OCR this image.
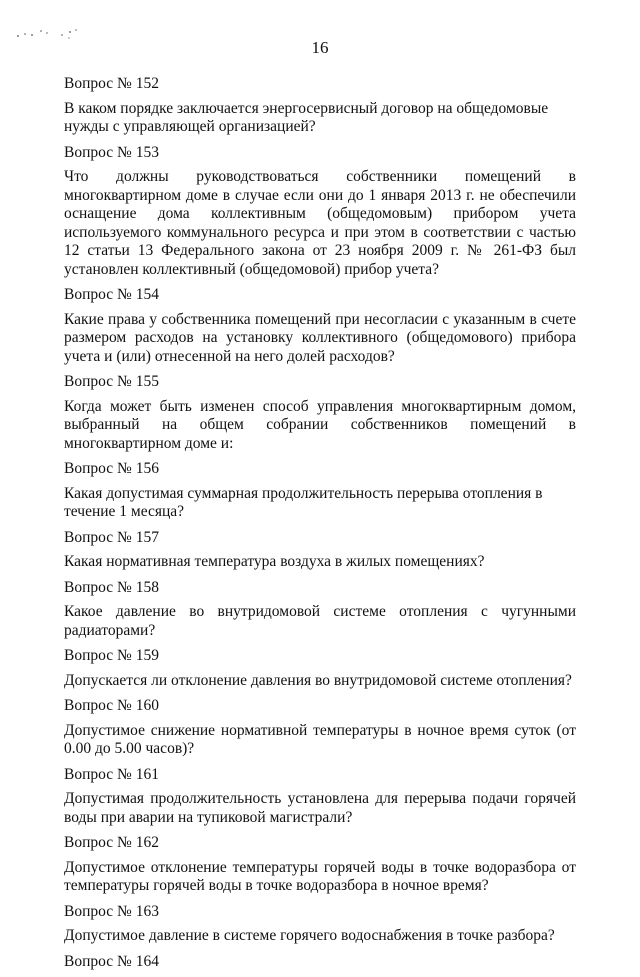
16

Вопрос № 152

В каком порядке заключается энергосервисный договор на общедомовые нужды с управляющей организацией?

Вопрос № 153

Что должны руководствоваться собственники помещений в многоквартирном доме в случае если они до 1 января 2013 г. не обеспечили оснащение дома коллективным (общедомовым) прибором учета используемого коммунального ресурса и при этом в соответствии с частью 12 статьи 13 Федерального закона от 23 ноября 2009 г. № 261-ФЗ был установлен коллективный (общедомовой) прибор учета?

Вопрос № 154

Какие права у собственника помещений при несогласии с указанным в счете размером расходов на установку коллективного (общедомового) прибора учета и (или) отнесенной на него долей расходов?

Вопрос № 155

Когда может быть изменен способ управления многоквартирным домом, выбранный на общем собрании собственников помещений в многоквартирном доме и:

Вопрос № 156

Какая допустимая суммарная продолжительность перерыва отопления в течение 1 месяца?

Вопрос № 157

Какая нормативная температура воздуха в жилых помещениях?

Вопрос № 158

Какое давление во внутридомовой системе отопления с чугунными радиаторами?

Вопрос № 159

Допускается ли отклонение давления во внутридомовой системе отопления?

Вопрос № 160

Допустимое снижение нормативной температуры в ночное время суток (от 0.00 до 5.00 часов)?

Вопрос № 161

Допустимая продолжительность установлена для перерыва подачи горячей воды при аварии на тупиковой магистрали?

Вопрос № 162

Допустимое отклонение температуры горячей воды в точке водоразбора от температуры горячей воды в точке водоразбора в ночное время?

Вопрос № 163

Допустимое давление в системе горячего водоснабжения в точке разбора?

Вопрос № 164
